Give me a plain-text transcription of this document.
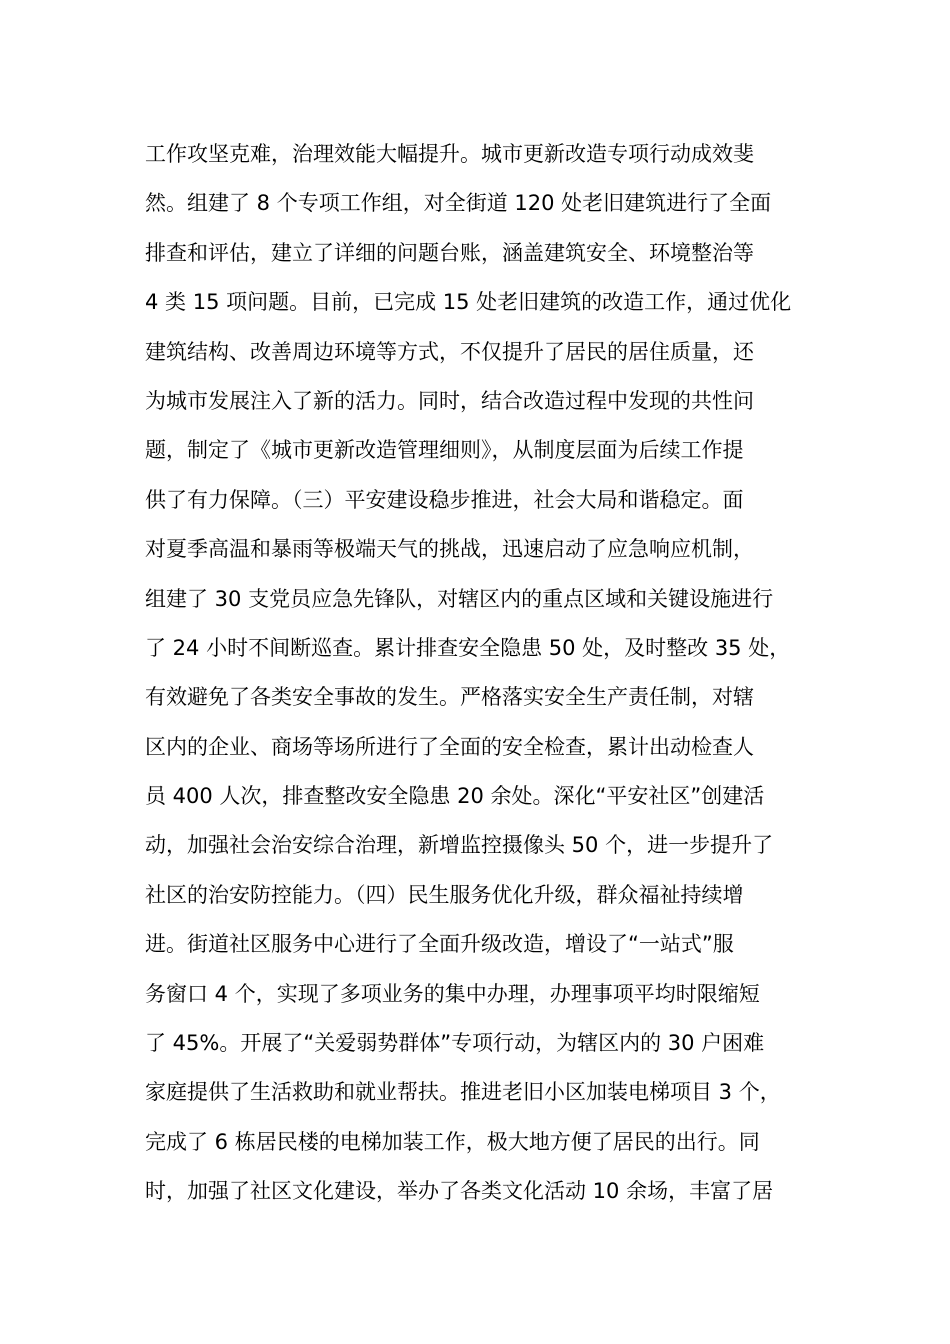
工作攻坚克难，治理效能大幅提升。城市更新改造专项行动成效斐
然。组建了 8 个专项工作组，对全街道 120 处老旧建筑进行了全面
排查和评估，建立了详细的问题台账，涵盖建筑安全、环境整治等
4 类 15 项问题。目前，已完成 15 处老旧建筑的改造工作，通过优化
建筑结构、改善周边环境等方式，不仅提升了居民的居住质量，还
为城市发展注入了新的活力。同时，结合改造过程中发现的共性问
题，制定了《城市更新改造管理细则》，从制度层面为后续工作提
供了有力保障。（三）平安建设稳步推进，社会大局和谐稳定。面
对夏季高温和暴雨等极端天气的挑战，迅速启动了应急响应机制，
组建了 30 支党员应急先锋队，对辖区内的重点区域和关键设施进行
了 24 小时不间断巡查。累计排查安全隐患 50 处，及时整改 35 处，
有效避免了各类安全事故的发生。严格落实安全生产责任制，对辖
区内的企业、商场等场所进行了全面的安全检查，累计出动检查人
员 400 人次，排查整改安全隐患 20 余处。深化“平安社区”创建活
动，加强社会治安综合治理，新增监控摄像头 50 个，进一步提升了
社区的治安防控能力。（四）民生服务优化升级，群众福祉持续增
进。街道社区服务中心进行了全面升级改造，增设了“一站式”服
务窗口 4 个，实现了多项业务的集中办理，办理事项平均时限缩短
了 45%。开展了“关爱弱势群体”专项行动，为辖区内的 30 户困难
家庭提供了生活救助和就业帮扶。推进老旧小区加装电梯项目 3 个，
完成了 6 栋居民楼的电梯加装工作，极大地方便了居民的出行。同
时，加强了社区文化建设，举办了各类文化活动 10 余场，丰富了居
